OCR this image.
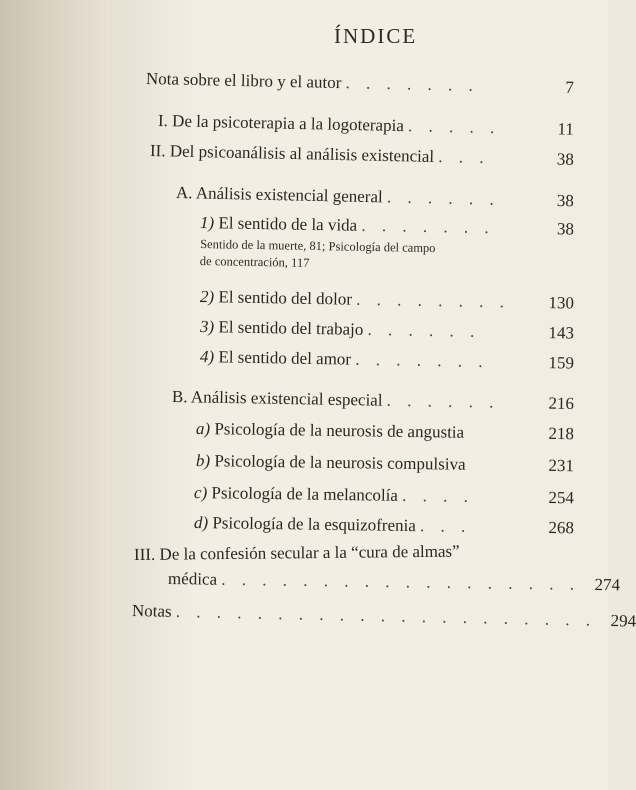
ÍNDICE
Nota sobre el libro y el autor . . . . . . .	7
I. De la psicoterapia a la logoterapia . . . . .	11
II. Del psicoanálisis al análisis existencial . . .	38
A. Análisis existencial general . . . . . .	38
1) El sentido de la vida . . . . . . .	38
Sentido de la muerte, 81; Psicología del campo
de concentración, 117
2) El sentido del dolor . . . . . . . .	130
3) El sentido del trabajo . . . . . .	143
4) El sentido del amor . . . . . . .	159
B. Análisis existencial especial . . . . . .	216
a) Psicología de la neurosis de angustia	218
b) Psicología de la neurosis compulsiva	231
c) Psicología de la melancolía . . . .	254
d) Psicología de la esquizofrenia . . .	268
III. De la confesión secular a la “cura de almas”
médica . . . . . . . . . . . . . . . . . . 274
Notas . . . . . . . . . . . . . . . . . . . . . 294
